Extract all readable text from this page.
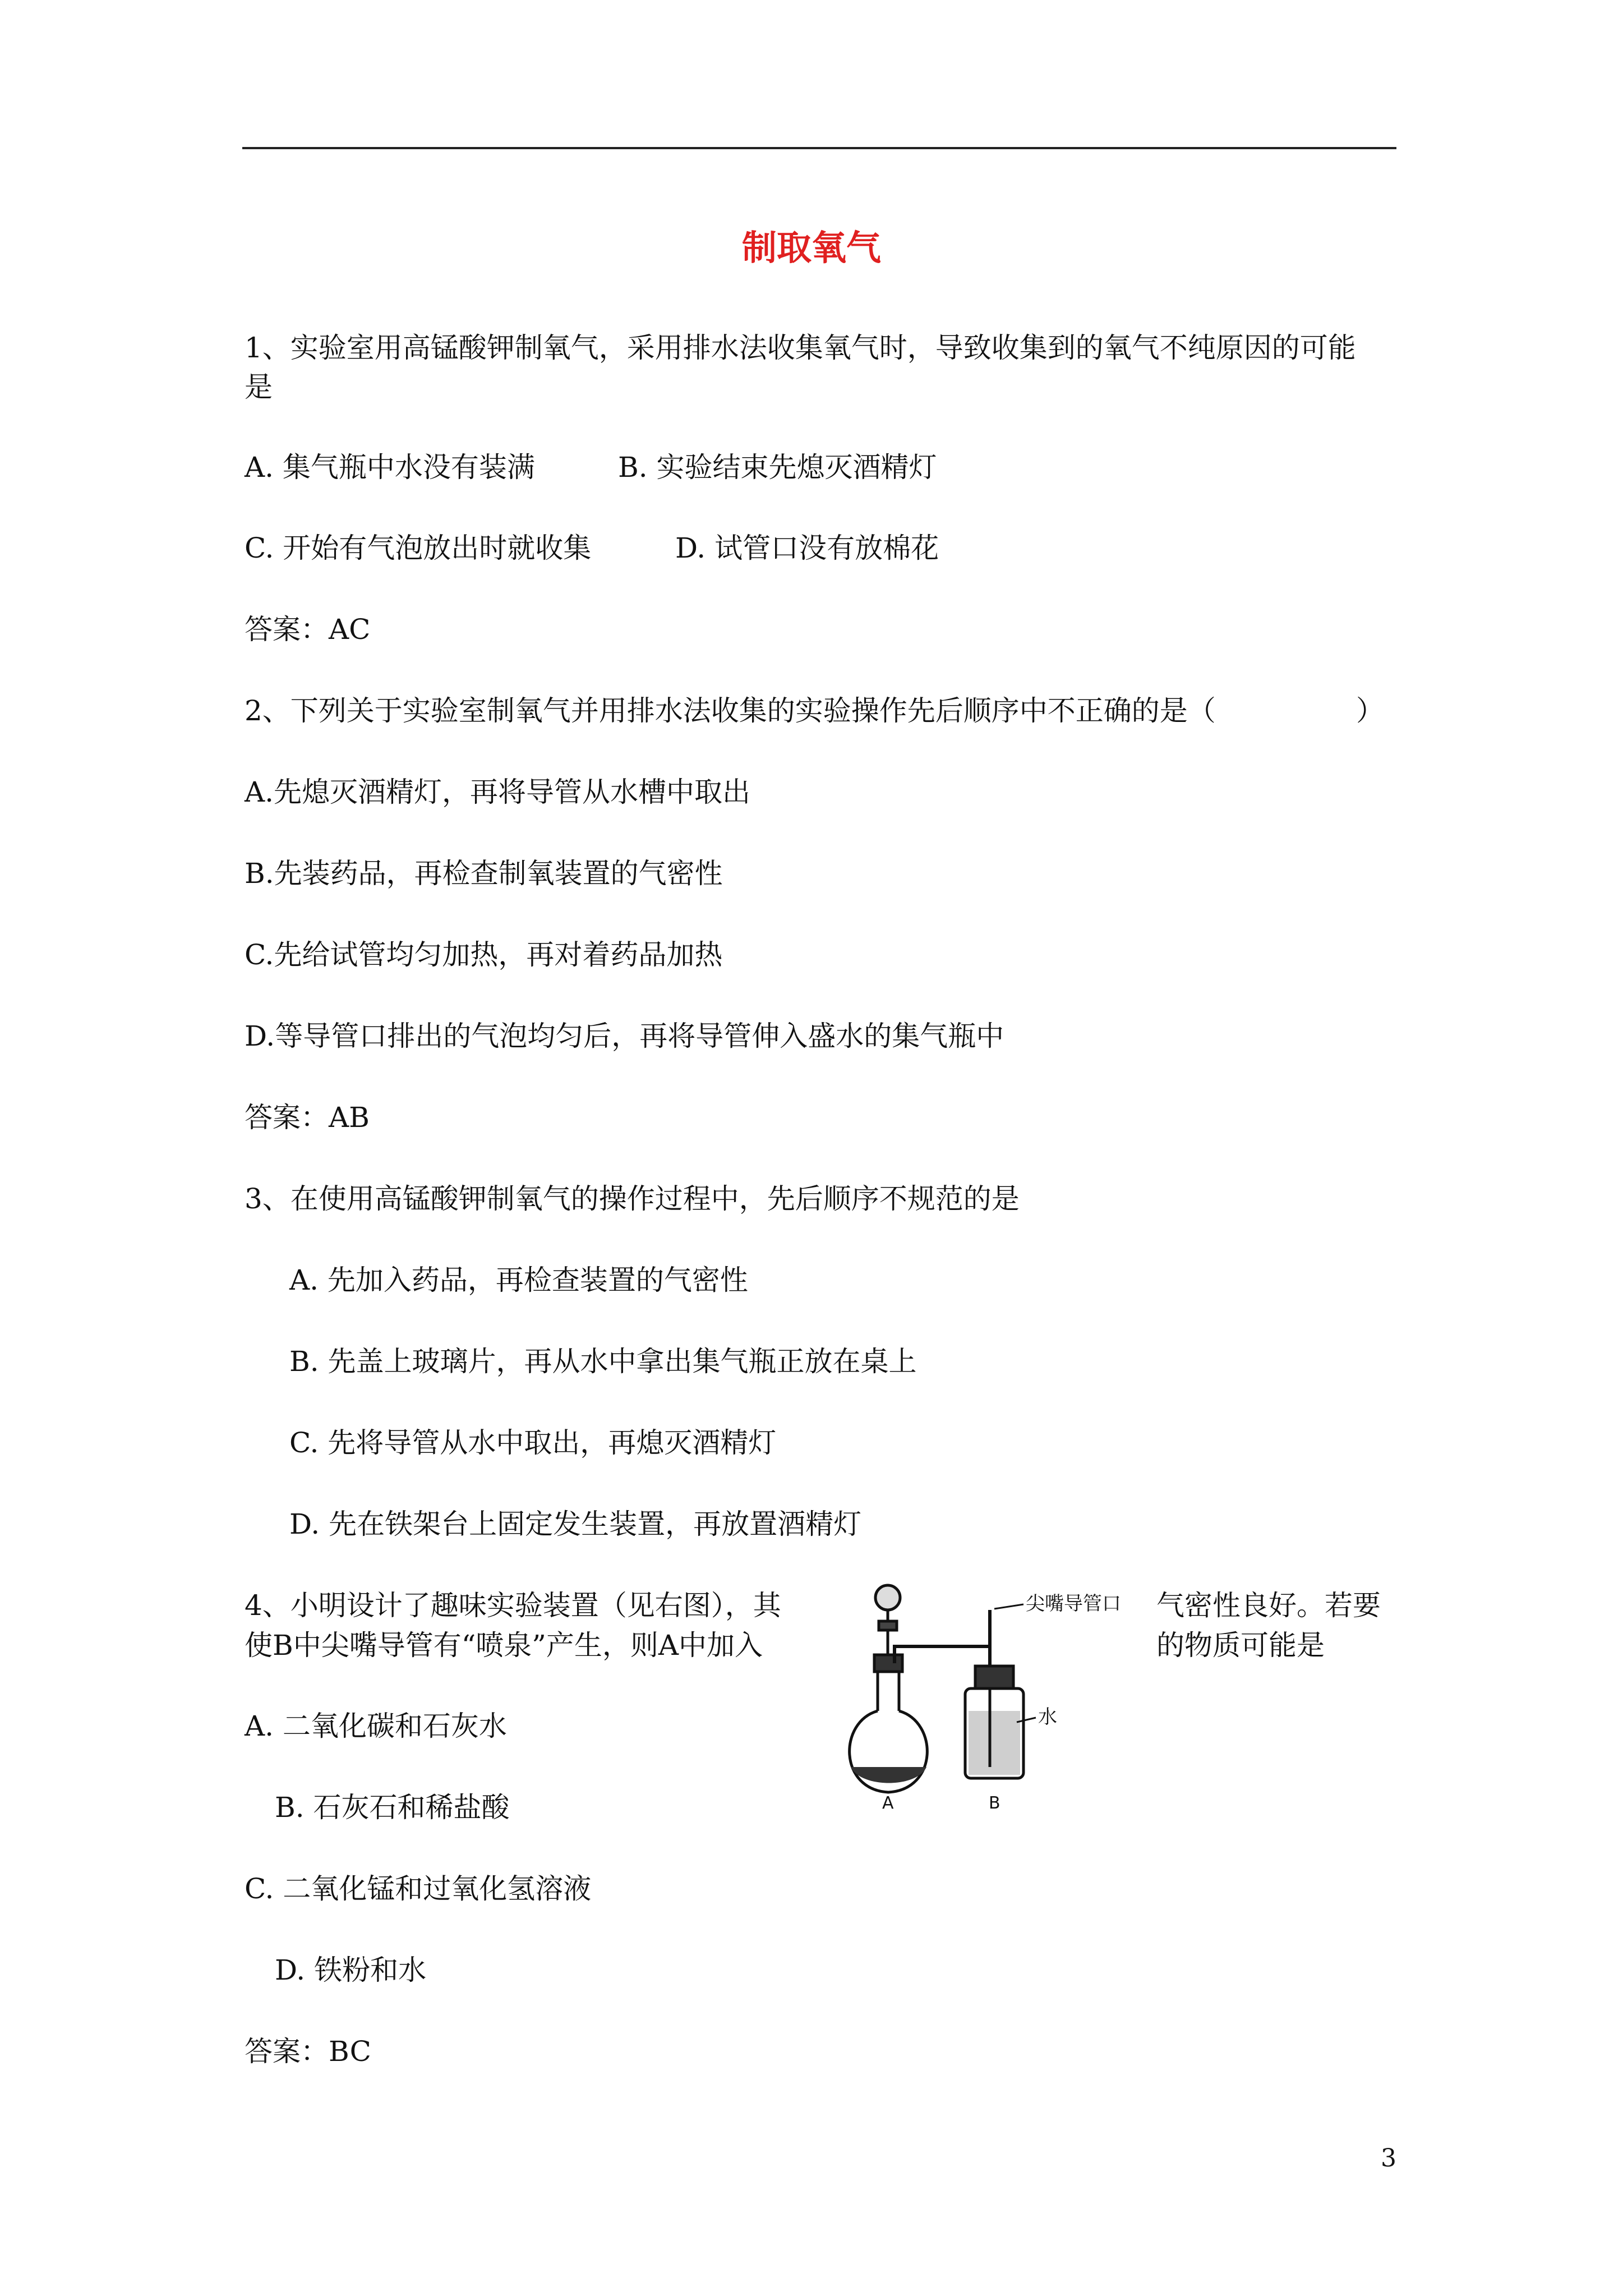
制取氧气
1、实验室用高锰酸钾制氧气，采用排水法收集氧气时，导致收集到的氧气不纯原因的可能
是
A. 集气瓶中水没有装满	B. 实验结束先熄灭酒精灯
C. 开始有气泡放出时就收集	D. 试管口没有放棉花
答案：AC
2、下列关于实验室制氧气并用排水法收集的实验操作先后顺序中不正确的是（	）
A.先熄灭酒精灯，再将导管从水槽中取出
B.先装药品，再检查制氧装置的气密性
C.先给试管均匀加热，再对着药品加热
D.等导管口排出的气泡均匀后，再将导管伸入盛水的集气瓶中
答案：AB
3、在使用高锰酸钾制氧气的操作过程中，先后顺序不规范的是
A. 先加入药品，再检查装置的气密性
B. 先盖上玻璃片，再从水中拿出集气瓶正放在桌上
C. 先将导管从水中取出，再熄灭酒精灯
D. 先在铁架台上固定发生装置，再放置酒精灯
4、小明设计了趣味实验装置（见右图），其	气密性良好。若要
使B中尖嘴导管有“喷泉”产生，则A中加入	的物质可能是
尖嘴导管口
水
A	B
A. 二氧化碳和石灰水
B. 石灰石和稀盐酸
C. 二氧化锰和过氧化氢溶液
D. 铁粉和水
答案：BC
3
